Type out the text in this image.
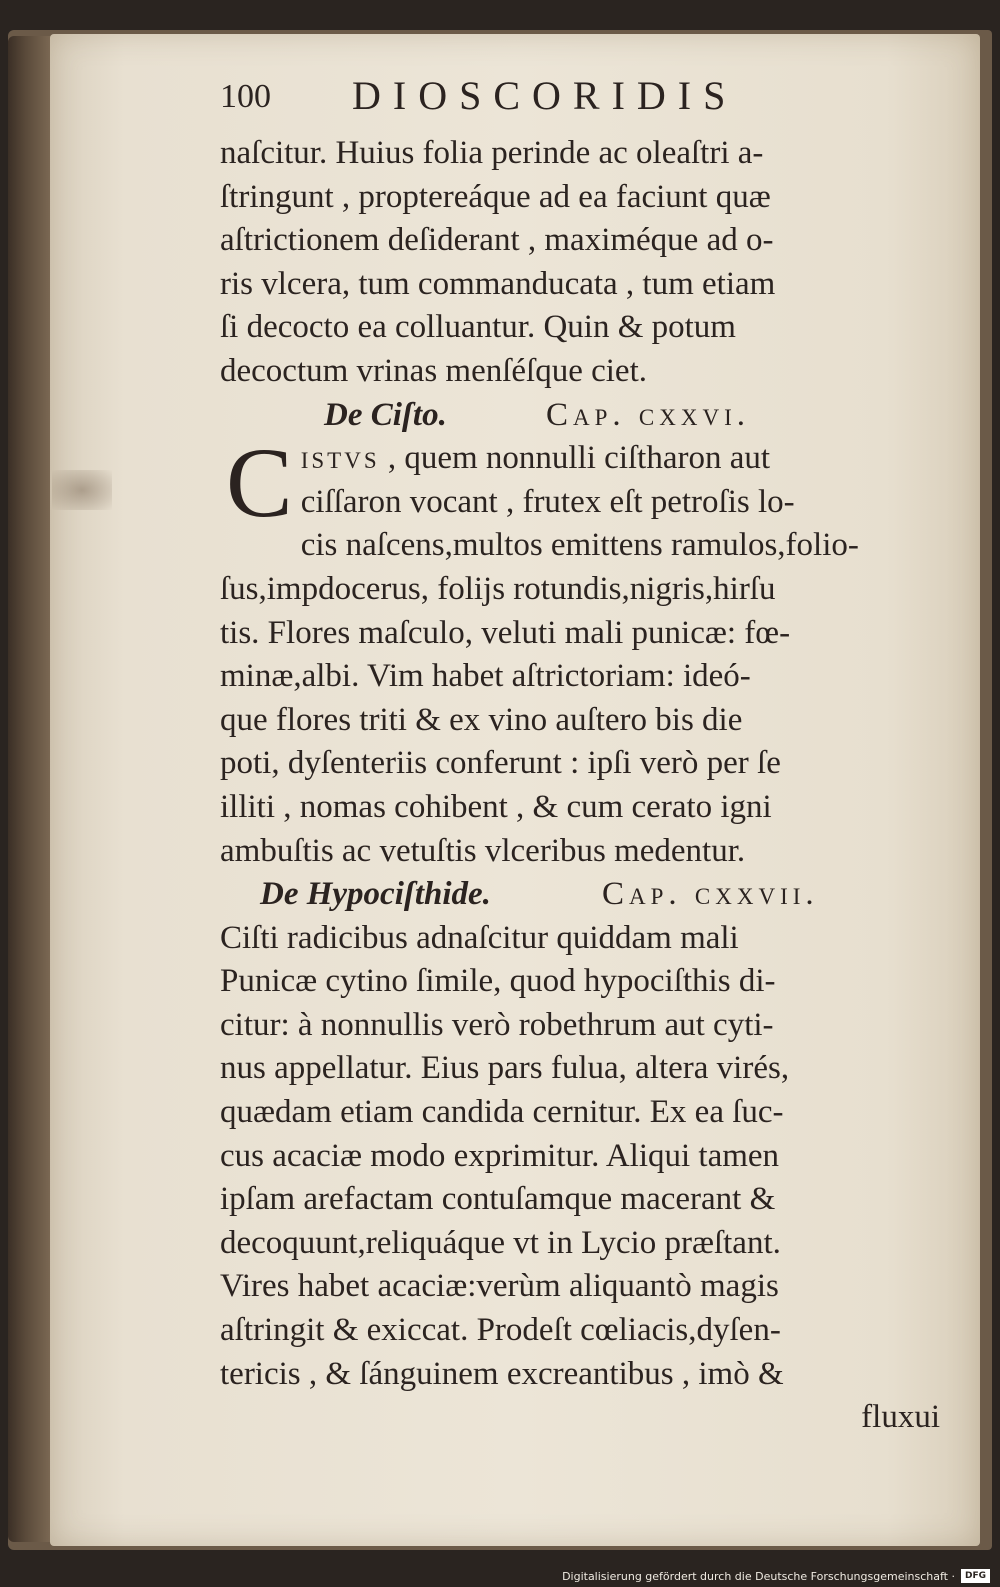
100 DIOSCORIDIS
naſcitur. Huius folia perinde ac oleaſtri a-
ſtringunt , proptereáque ad ea faciunt quæ
aſtrictionem deſiderant , maximéque ad o-
ris vlcera, tum commanducata , tum etiam
ſi decocto ea colluantur. Quin & potum
decoctum vrinas menſéſque ciet.
De Ciſto.	Cap. cxxvi.
C istvs , quem nonnulli ciſtharon aut
ciſſaron vocant , frutex eſt petroſis lo-
cis naſcens,multos emittens ramulos,folio-
ſus,impdocerus, folijs rotundis,nigris,hirſu
tis. Flores maſculo, veluti mali punicæ: fœ-
minæ,albi. Vim habet aſtrictoriam: ideó-
que flores triti & ex vino auſtero bis die
poti, dyſenteriis conferunt : ipſi verò per ſe
illiti , nomas cohibent , & cum cerato igni
ambuſtis ac vetuſtis vlceribus medentur.
De Hypociſthide.	Cap. cxxvii.
Ciſti radicibus adnaſcitur quiddam mali
Punicæ cytino ſimile, quod hypociſthis di-
citur: à nonnullis verò robethrum aut cyti-
nus appellatur. Eius pars fulua, altera virés,
quædam etiam candida cernitur. Ex ea ſuc-
cus acaciæ modo exprimitur. Aliqui tamen
ipſam arefactam contuſamque macerant &
decoquunt,reliquáque vt in Lycio præſtant.
Vires habet acaciæ:verùm aliquantò magis
aſtringit & exiccat. Prodeſt cœliacis,dyſen-
tericis , & ſánguinem excreantibus , imò &
fluxui
Digitalisierung gefördert durch die Deutsche Forschungsgemeinschaft ·	DFG
